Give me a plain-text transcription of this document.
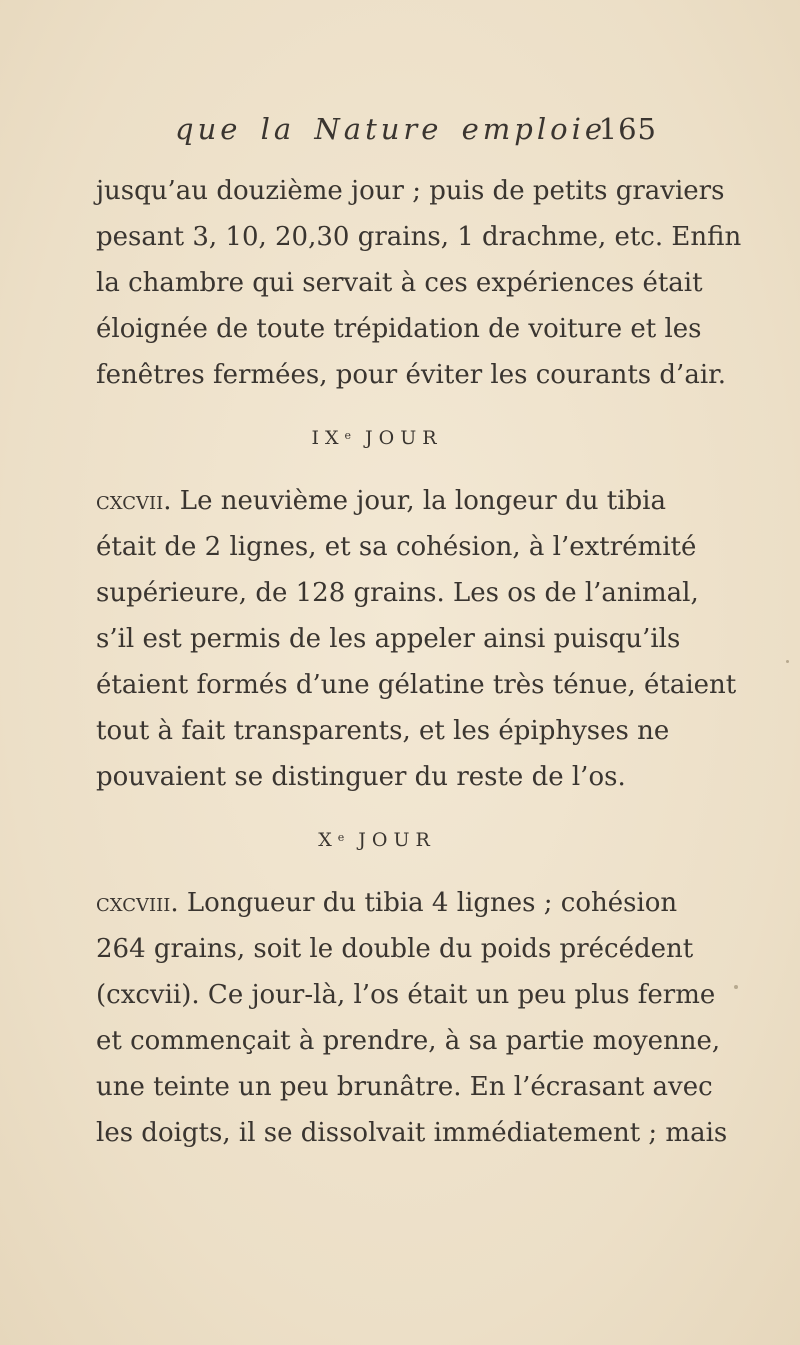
que la Nature emploie
165
jusqu’au douzième jour ; puis de petits graviers
pesant 3, 10, 20,30 grains, 1 drachme, etc. Enfin
la chambre qui servait à ces expériences était
éloignée de toute trépidation de voiture et les
fenêtres fermées, pour éviter les courants d’air.
IXe
JOUR
cxcvii. Le neuvième jour, la longeur du tibia
était de 2 lignes, et sa cohésion, à l’extrémité
supérieure, de 128 grains. Les os de l’animal,
s’il est permis de les appeler ainsi puisqu’ils
étaient formés d’une gélatine très ténue, étaient
tout à fait transparents, et les épiphyses ne
pouvaient se distinguer du reste de l’os.
Xe
JOUR
cxcviii. Longueur du tibia 4 lignes ; cohésion
264 grains, soit le double du poids précédent
(cxcvii). Ce jour-là, l’os était un peu plus ferme
et commençait à prendre, à sa partie moyenne,
une teinte un peu brunâtre. En l’écrasant avec
les doigts, il se dissolvait immédiatement ; mais
